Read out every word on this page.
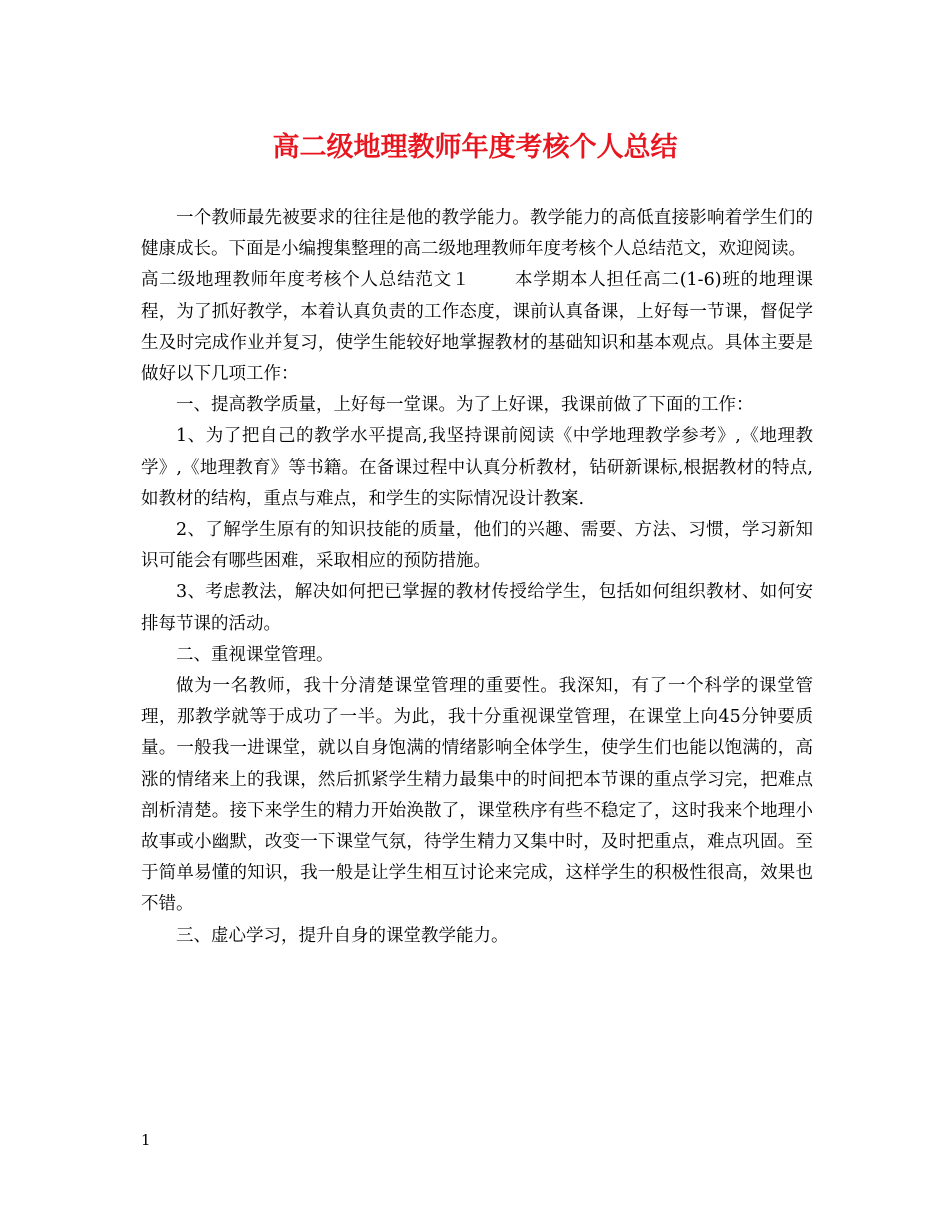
高二级地理教师年度考核个人总结

一个教师最先被要求的往往是他的教学能力。教学能力的高低直接影响着学生们的健康成长。下面是小编搜集整理的高二级地理教师年度考核个人总结范文，欢迎阅读。

高二级地理教师年度考核个人总结范文１	本学期本人担任高二(1-6)班的地理课程，为了抓好教学，本着认真负责的工作态度，课前认真备课，上好每一节课，督促学生及时完成作业并复习，使学生能较好地掌握教材的基础知识和基本观点。具体主要是做好以下几项工作：

一、提高教学质量，上好每一堂课。为了上好课，我课前做了下面的工作：

1、为了把自己的教学水平提高,我坚持课前阅读《中学地理教学参考》,《地理教学》,《地理教育》等书籍。在备课过程中认真分析教材，钻研新课标,根据教材的特点,如教材的结构，重点与难点，和学生的实际情况设计教案.

2、了解学生原有的知识技能的质量，他们的兴趣、需要、方法、习惯，学习新知识可能会有哪些困难，采取相应的预防措施。

3、考虑教法，解决如何把已掌握的教材传授给学生，包括如何组织教材、如何安排每节课的活动。

二、重视课堂管理。

做为一名教师，我十分清楚课堂管理的重要性。我深知，有了一个科学的课堂管理，那教学就等于成功了一半。为此，我十分重视课堂管理，在课堂上向45分钟要质量。一般我一进课堂，就以自身饱满的情绪影响全体学生，使学生们也能以饱满的，高涨的情绪来上的我课，然后抓紧学生精力最集中的时间把本节课的重点学习完，把难点剖析清楚。接下来学生的精力开始涣散了，课堂秩序有些不稳定了，这时我来个地理小故事或小幽默，改变一下课堂气氛，待学生精力又集中时，及时把重点，难点巩固。至于简单易懂的知识，我一般是让学生相互讨论来完成，这样学生的积极性很高，效果也不错。

三、虚心学习，提升自身的课堂教学能力。

1
